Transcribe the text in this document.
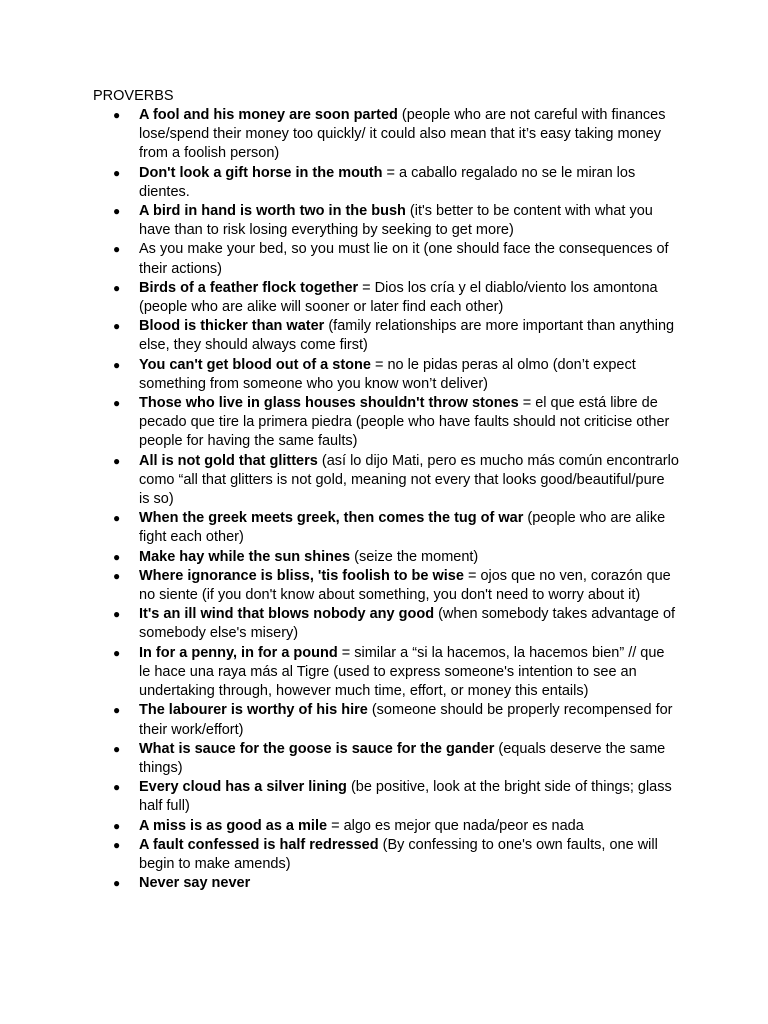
PROVERBS
● A fool and his money are soon parted (people who are not careful with finances lose/spend their money too quickly/ it could also mean that it’s easy taking money from a foolish person)
● Don't look a gift horse in the mouth = a caballo regalado no se le miran los dientes.
● A bird in hand is worth two in the bush (it's better to be content with what you have than to risk losing everything by seeking to get more)
● As you make your bed, so you must lie on it (one should face the consequences of their actions)
● Birds of a feather flock together = Dios los cría y el diablo/viento los amontona (people who are alike will sooner or later find each other)
● Blood is thicker than water (family relationships are more important than anything else, they should always come first)
● You can't get blood out of a stone = no le pidas peras al olmo (don’t expect something from someone who you know won’t deliver)
● Those who live in glass houses shouldn't throw stones = el que está libre de pecado que tire la primera piedra (people who have faults should not criticise other people for having the same faults)
● All is not gold that glitters (así lo dijo Mati, pero es mucho más común encontrarlo como “all that glitters is not gold, meaning not every that looks good/beautiful/pure is so)
● When the greek meets greek, then comes the tug of war (people who are alike fight each other)
● Make hay while the sun shines (seize the moment)
● Where ignorance is bliss, 'tis foolish to be wise = ojos que no ven, corazón que no siente (if you don't know about something, you don't need to worry about it)
● It's an ill wind that blows nobody any good (when somebody takes advantage of somebody else's misery)
● In for a penny, in for a pound = similar a “si la hacemos, la hacemos bien” // que le hace una raya más al Tigre (used to express someone's intention to see an undertaking through, however much time, effort, or money this entails)
● The labourer is worthy of his hire (someone should be properly recompensed for their work/effort)
● What is sauce for the goose is sauce for the gander (equals deserve the same things)
● Every cloud has a silver lining (be positive, look at the bright side of things; glass half full)
● A miss is as good as a mile = algo es mejor que nada/peor es nada
● A fault confessed is half redressed (By confessing to one's own faults, one will begin to make amends)
● Never say never
